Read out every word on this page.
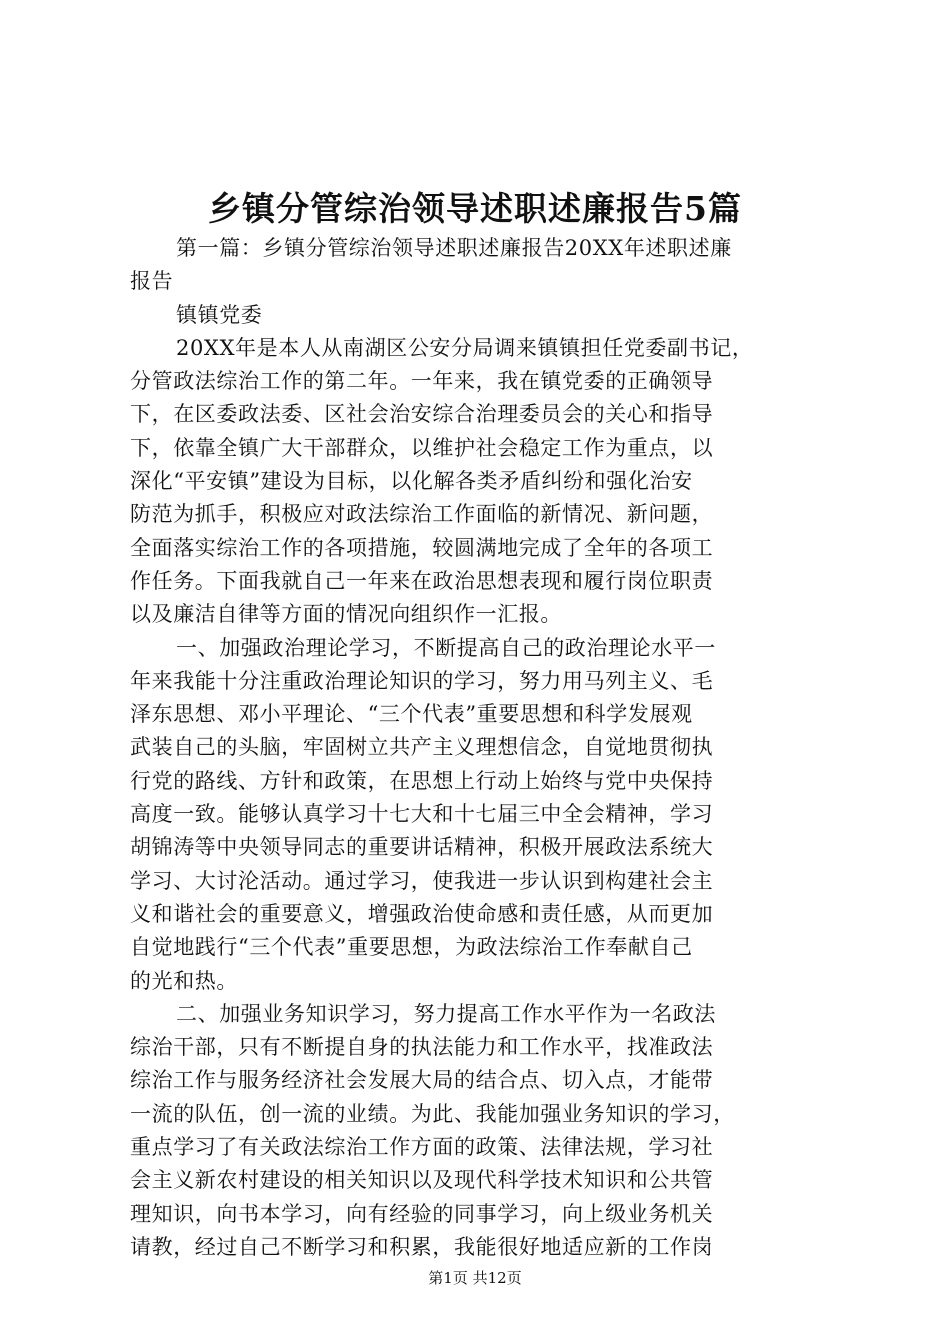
乡镇分管综治领导述职述廉报告5篇
第一篇：乡镇分管综治领导述职述廉报告20XX年述职述廉
报告
镇镇党委
20XX年是本人从南湖区公安分局调来镇镇担任党委副书记，
分管政法综治工作的第二年。一年来，我在镇党委的正确领导
下，在区委政法委、区社会治安综合治理委员会的关心和指导
下，依靠全镇广大干部群众，以维护社会稳定工作为重点，以
深化“平安镇”建设为目标，以化解各类矛盾纠纷和强化治安
防范为抓手，积极应对政法综治工作面临的新情况、新问题，
全面落实综治工作的各项措施，较圆满地完成了全年的各项工
作任务。下面我就自己一年来在政治思想表现和履行岗位职责
以及廉洁自律等方面的情况向组织作一汇报。
一、加强政治理论学习，不断提高自己的政治理论水平一
年来我能十分注重政治理论知识的学习，努力用马列主义、毛
泽东思想、邓小平理论、“三个代表”重要思想和科学发展观
武装自己的头脑，牢固树立共产主义理想信念，自觉地贯彻执
行党的路线、方针和政策，在思想上行动上始终与党中央保持
高度一致。能够认真学习十七大和十七届三中全会精神，学习
胡锦涛等中央领导同志的重要讲话精神，积极开展政法系统大
学习、大讨沦活动。通过学习，使我进一步认识到构建社会主
义和谐社会的重要意义，增强政治使命感和责任感，从而更加
自觉地践行“三个代表”重要思想，为政法综治工作奉献自己
的光和热。
二、加强业务知识学习，努力提高工作水平作为一名政法
综治干部，只有不断提自身的执法能力和工作水平，找准政法
综治工作与服务经济社会发展大局的结合点、切入点，才能带
一流的队伍，创一流的业绩。为此、我能加强业务知识的学习，
重点学习了有关政法综治工作方面的政策、法律法规，学习社
会主义新农村建设的相关知识以及现代科学技术知识和公共管
理知识，向书本学习，向有经验的同事学习，向上级业务机关
请教，经过自己不断学习和积累，我能很好地适应新的工作岗
第1页 共12页
